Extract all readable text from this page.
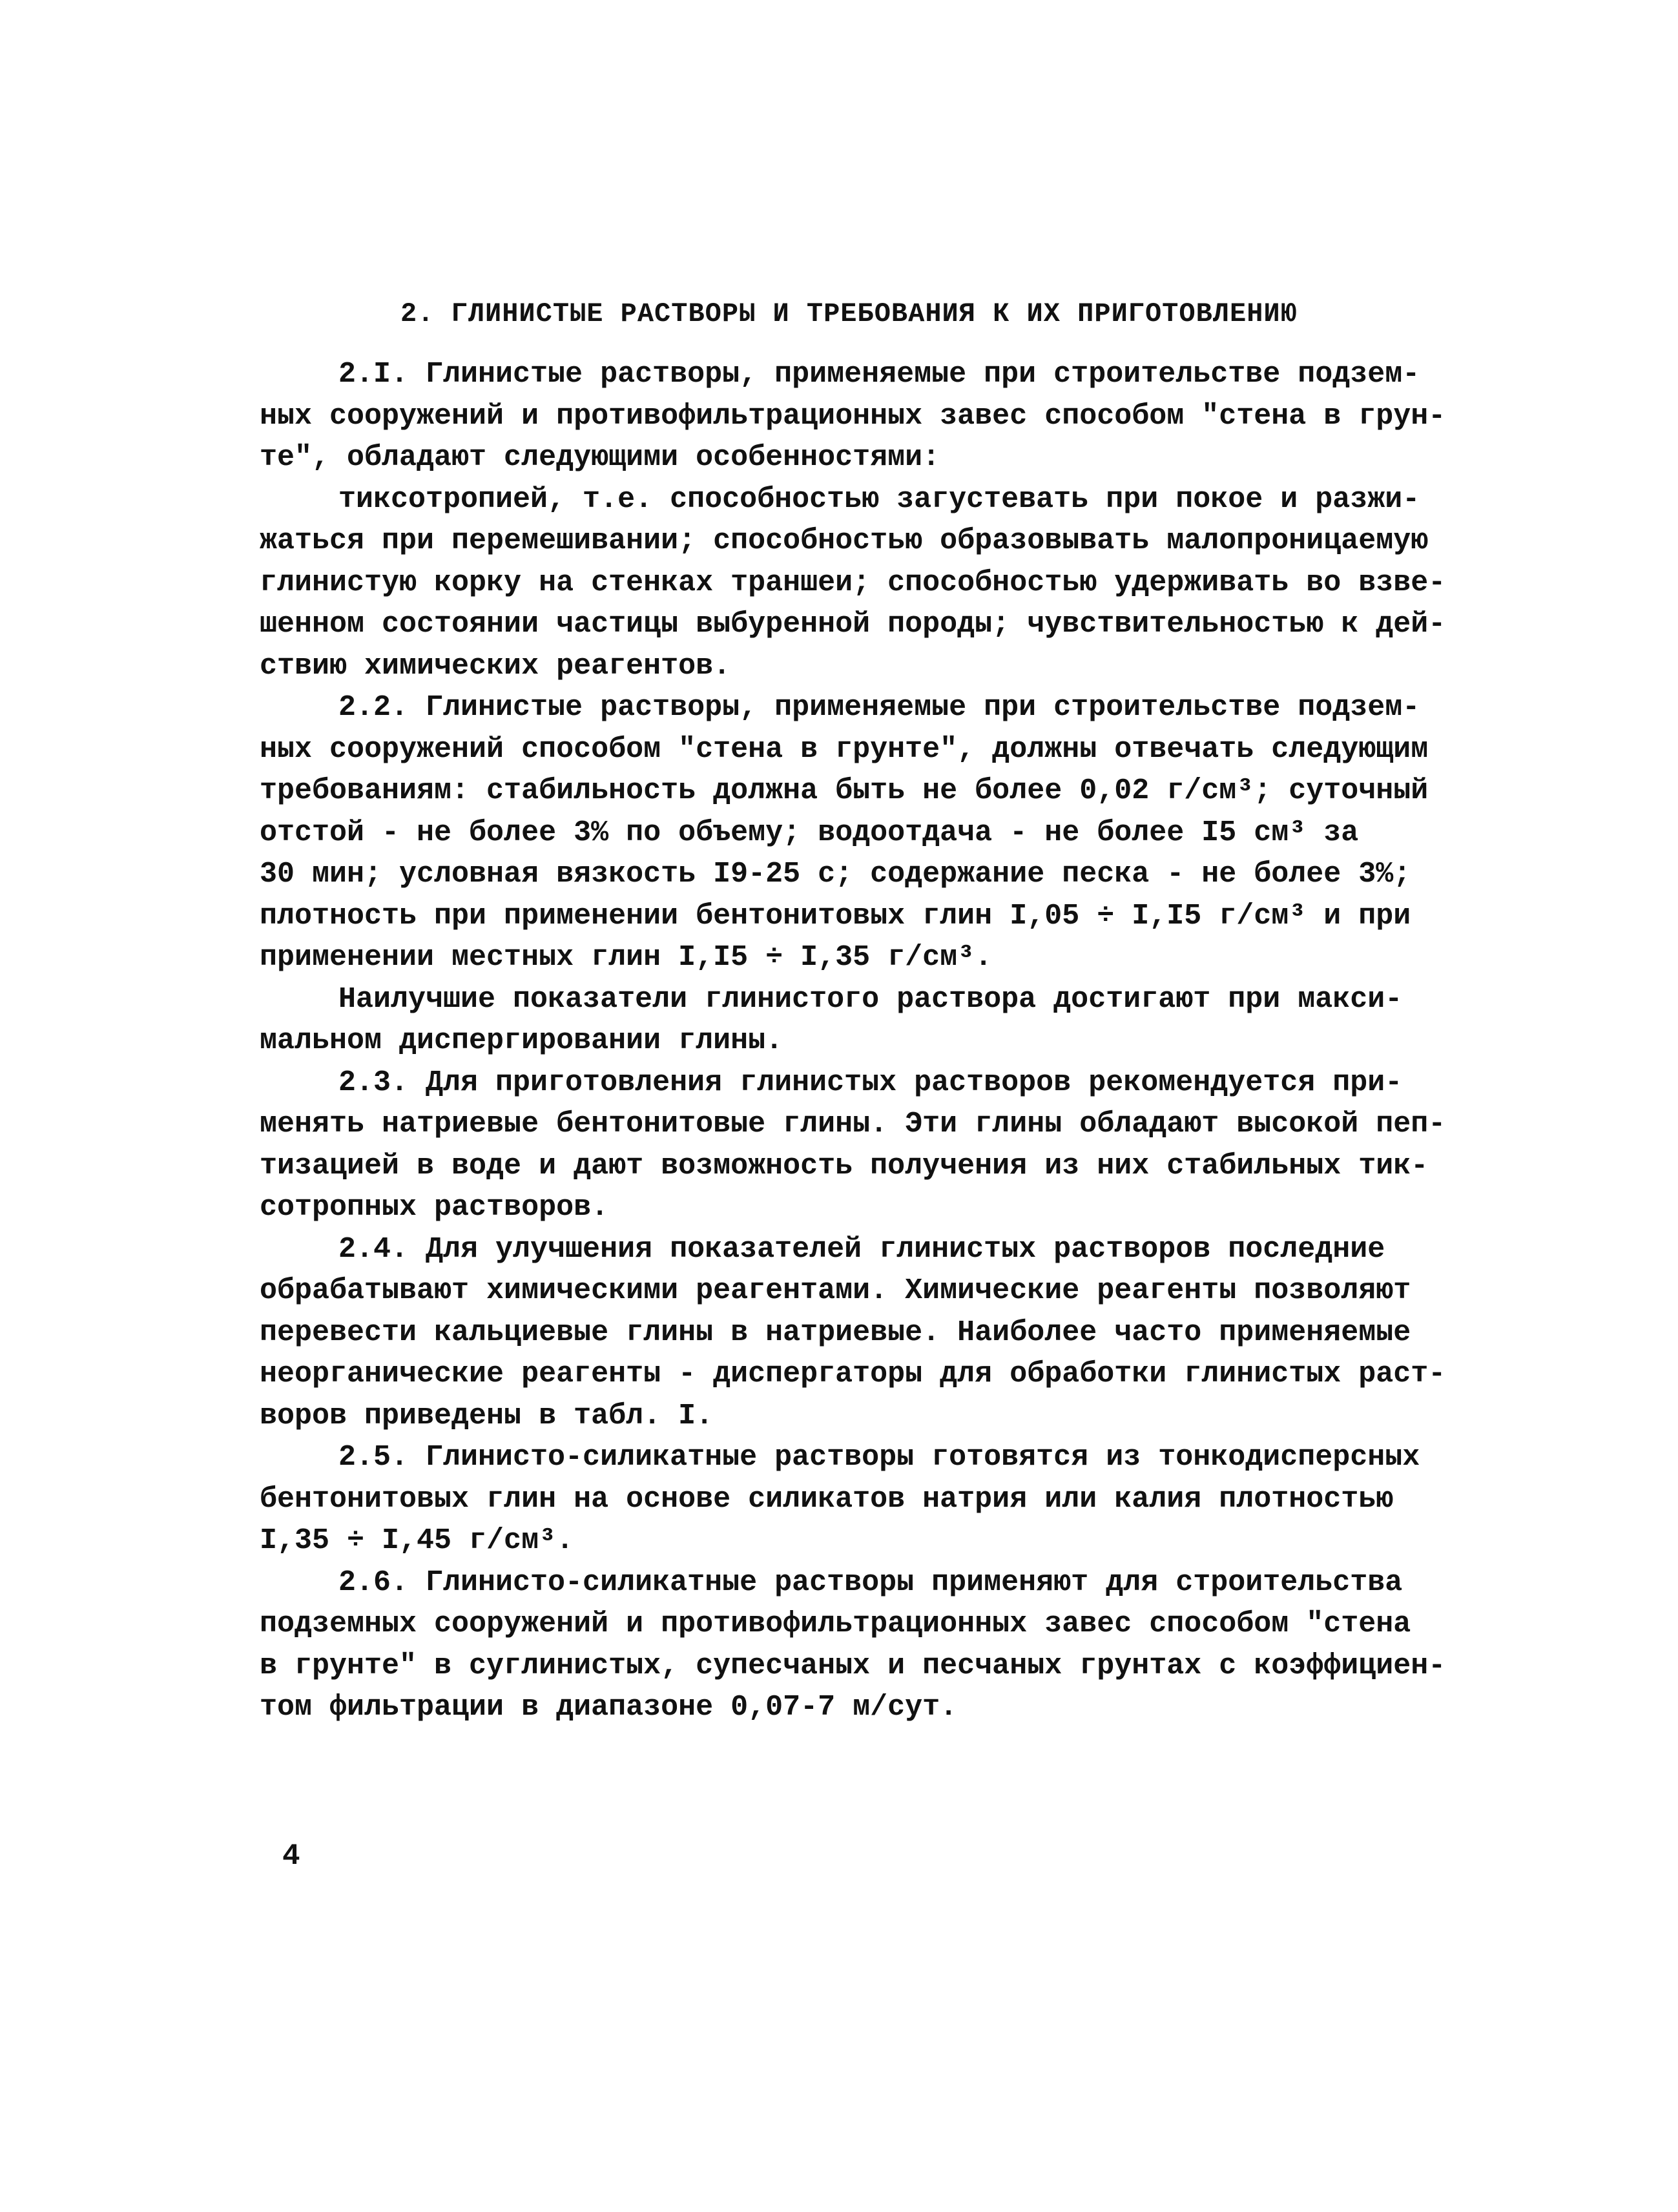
2. ГЛИНИСТЫЕ РАСТВОРЫ И ТРЕБОВАНИЯ К ИХ ПРИГОТОВЛЕНИЮ

2.I. Глинистые растворы, применяемые при строительстве подзем-
ных сооружений и противофильтрационных завес способом "стена в грун-
те", обладают следующими особенностями:

тиксотропией, т.е. способностью загустевать при покое и разжи-
жаться при перемешивании; способностью образовывать малопроницаемую
глинистую корку на стенках траншеи; способностью удерживать во взве-
шенном состоянии частицы выбуренной породы; чувствительностью к дей-
ствию химических реагентов.

2.2. Глинистые растворы, применяемые при строительстве подзем-
ных сооружений способом "стена в грунте", должны отвечать следующим
требованиям: стабильность должна быть не более 0,02 г/см³; суточный
отстой - не более 3% по объему; водоотдача - не более I5 см³ за
30 мин; условная вязкость I9-25 с; содержание песка - не более 3%;
плотность при применении бентонитовых глин I,05 ÷ I,I5 г/см³ и при
применении местных глин I,I5 ÷ I,35 г/см³.

Наилучшие показатели глинистого раствора достигают при макси-
мальном диспергировании глины.

2.3. Для приготовления глинистых растворов рекомендуется при-
менять натриевые бентонитовые глины. Эти глины обладают высокой пеп-
тизацией в воде и дают возможность получения из них стабильных тик-
сотропных растворов.

2.4. Для улучшения показателей глинистых растворов последние
обрабатывают химическими реагентами. Химические реагенты позволяют
перевести кальциевые глины в натриевые. Наиболее часто применяемые
неорганические реагенты - диспергаторы для обработки глинистых раст-
воров приведены в табл. I.

2.5. Глинисто-силикатные растворы готовятся из тонкодисперсных
бентонитовых глин на основе силикатов натрия или калия плотностью
I,35 ÷ I,45 г/см³.

2.6. Глинисто-силикатные растворы применяют для строительства
подземных сооружений и противофильтрационных завес способом "стена
в грунте" в суглинистых, супесчаных и песчаных грунтах с коэффициен-
том фильтрации в диапазоне 0,07-7 м/сут.

4
